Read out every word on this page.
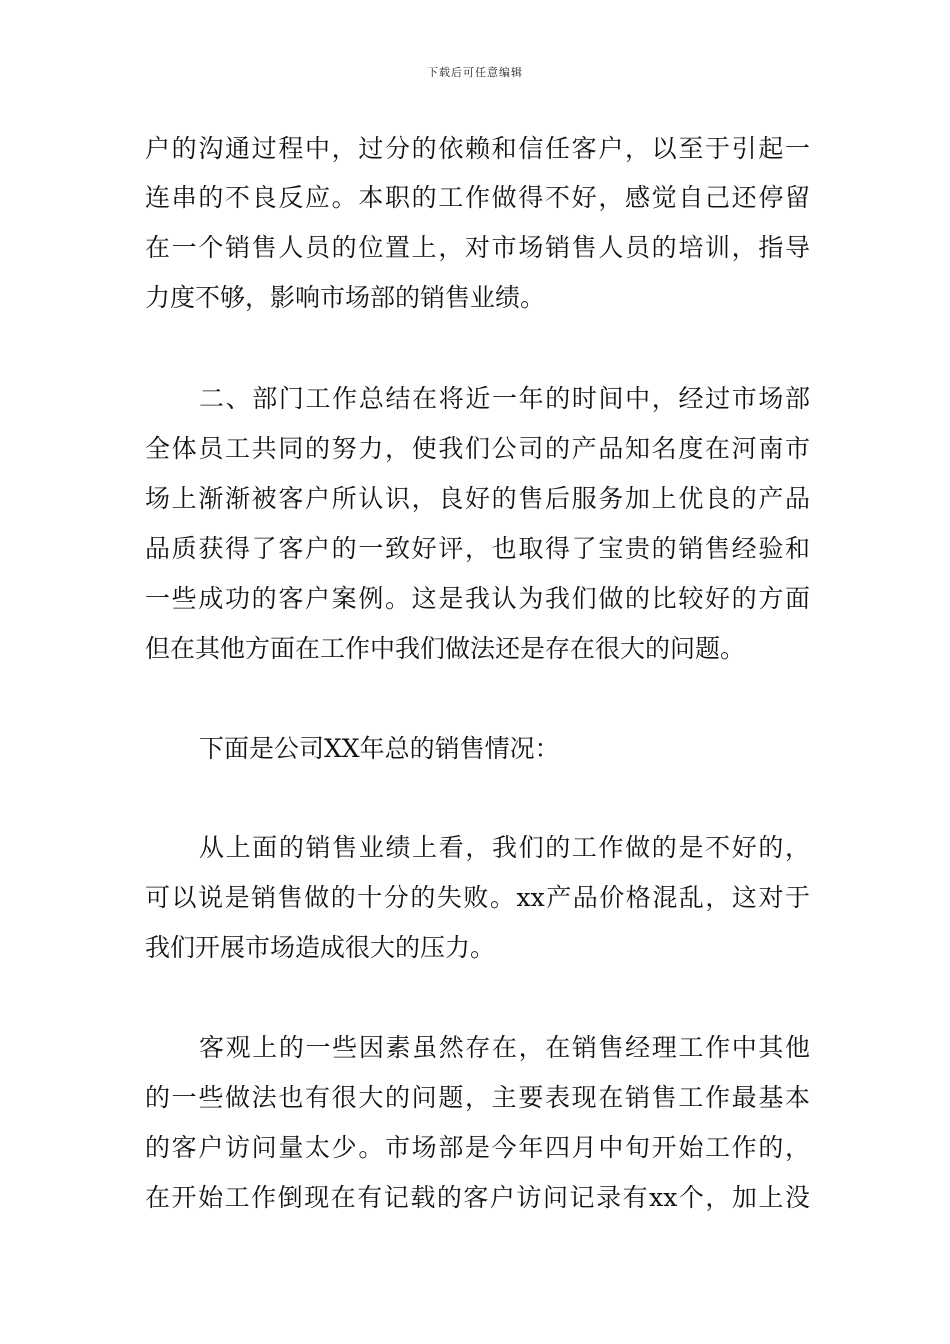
下载后可任意编辑
户的沟通过程中，过分的依赖和信任客户，以至于引起一
连串的不良反应。本职的工作做得不好，感觉自己还停留
在一个销售人员的位置上，对市场销售人员的培训，指导
力度不够，影响市场部的销售业绩。
二、部门工作总结在将近一年的时间中，经过市场部
全体员工共同的努力，使我们公司的产品知名度在河南市
场上渐渐被客户所认识，良好的售后服务加上优良的产品
品质获得了客户的一致好评，也取得了宝贵的销售经验和
一些成功的客户案例。这是我认为我们做的比较好的方面
但在其他方面在工作中我们做法还是存在很大的问题。
下面是公司XX年总的销售情况：
从上面的销售业绩上看，我们的工作做的是不好的，
可以说是销售做的十分的失败。xx产品价格混乱，这对于
我们开展市场造成很大的压力。
客观上的一些因素虽然存在，在销售经理工作中其他
的一些做法也有很大的问题，主要表现在销售工作最基本
的客户访问量太少。市场部是今年四月中旬开始工作的，
在开始工作倒现在有记载的客户访问记录有xx个，加上没
